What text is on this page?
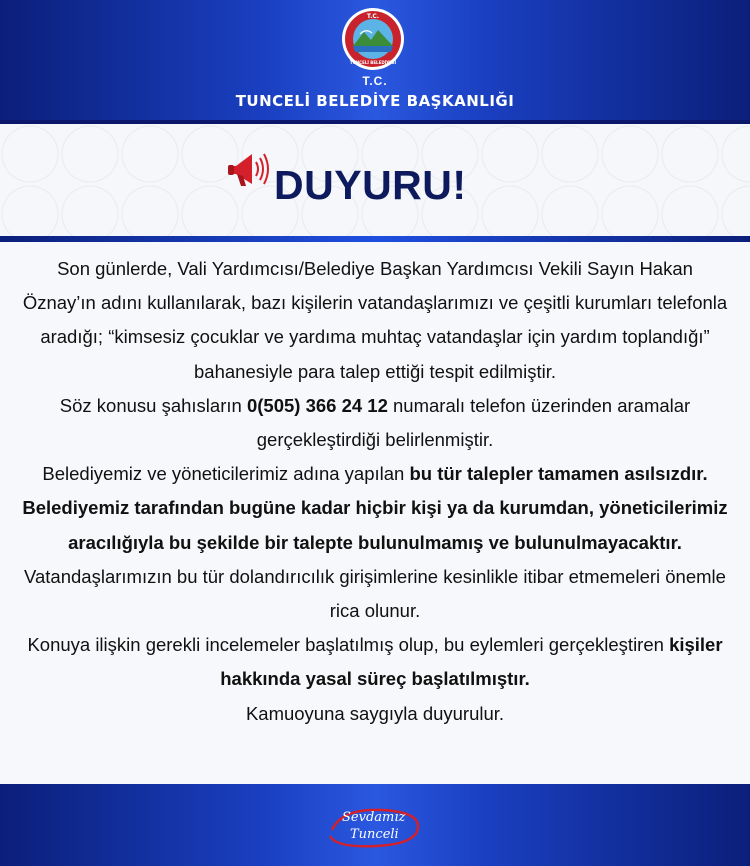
T.C.
TUNCELİ BELEDİYESİ
T.C.
TUNCELİ BELEDİYE BAŞKANLIĞI
DUYURU!

Son günlerde, Vali Yardımcısı/Belediye Başkan Yardımcısı Vekili Sayın Hakan Öznay’ın adını kullanılarak, bazı kişilerin vatandaşlarımızı ve çeşitli kurumları telefonla aradığı; “kimsesiz çocuklar ve yardıma muhtaç vatandaşlar için yardım toplandığı” bahanesiyle para talep ettiği tespit edilmiştir.

Söz konusu şahısların 0(505) 366 24 12 numaralı telefon üzerinden aramalar gerçekleştirdiği belirlenmiştir.

Belediyemiz ve yöneticilerimiz adına yapılan bu tür talepler tamamen asılsızdır. Belediyemiz tarafından bugüne kadar hiçbir kişi ya da kurumdan, yöneticilerimiz aracılığıyla bu şekilde bir talepte bulunulmamış ve bulunulmayacaktır.

Vatandaşlarımızın bu tür dolandırıcılık girişimlerine kesinlikle itibar etmemeleri önemle rica olunur.

Konuya ilişkin gerekli incelemeler başlatılmış olup, bu eylemleri gerçekleştiren kişiler hakkında yasal süreç başlatılmıştır.

Kamuoyuna saygıyla duyurulur.

Sevdamız
Tunceli
